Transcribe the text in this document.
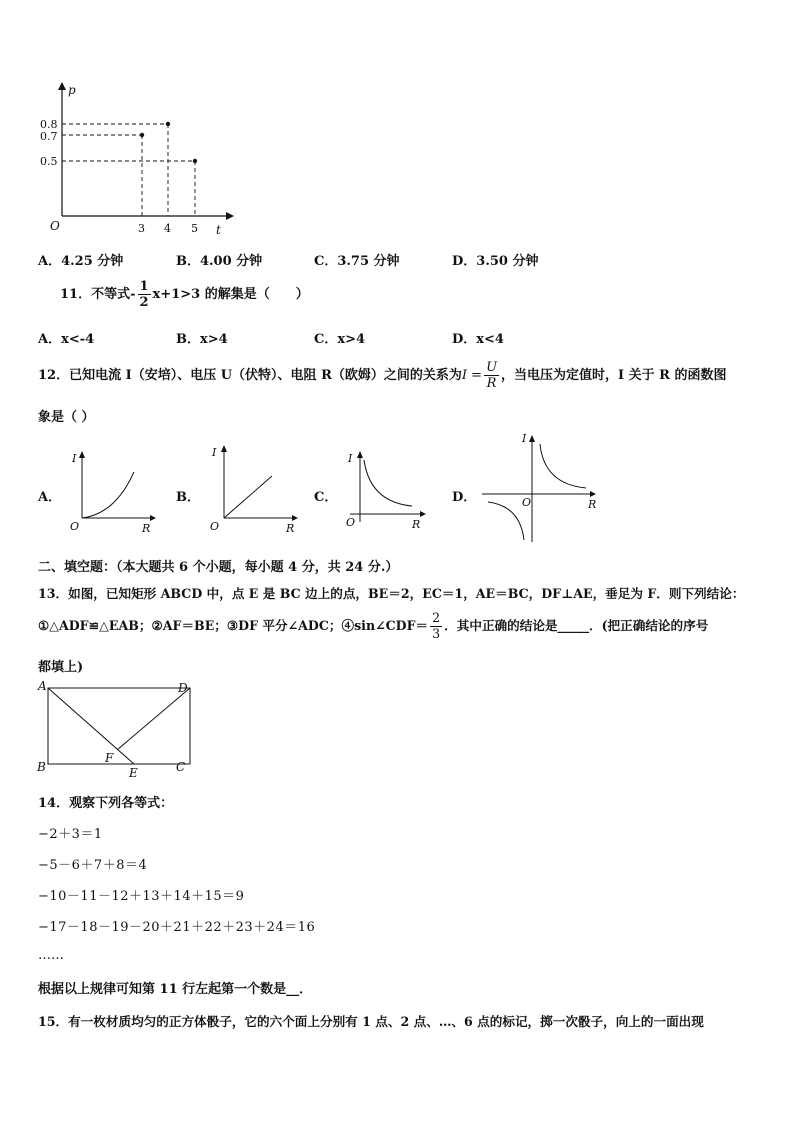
p
t
O
0.8
0.7
0.5
3 4 5
A．4.25 分钟	B．4.00 分钟	C．3.75 分钟	D．3.50 分钟
11．不等式- $\frac{1}{2} x+1>3$ 的解集是（　　）
A．x<-4	B．x>4	C．x>4	D．x<4
12．已知电流 I（安培）、电压 U（伏特）、电阻 R（欧姆）之间的关系为$I = \frac{U}{R}$ ，当电压为定值时，I 关于 R 的函数图
象是（ ）
A．
I
R
O
B．
I
R
O
C．
I
R
O
D．
I
R
O
二、填空题：（本大题共 6 个小题，每小题 4 分，共 24 分.）
13．如图，已知矩形 ABCD 中，点 E 是 BC 边上的点，BE＝2，EC＝1，AE＝BC，DF⊥AE，垂足为 F．则下列结论：
①△ADF≌△EAB；②AF＝BE；③DF 平分∠ADC；④sin∠CDF＝ $\frac{2}{3}$ ．其中正确的结论是_____．(把正确结论的序号
都填上)
A	D
B	C
F
E
14．观察下列各等式：
−2＋3＝1
−5－6＋7＋8＝4
−10－11－12＋13＋14＋15＝9
−17－18－19－20＋21＋22＋23＋24＝16
……
根据以上规律可知第 11 行左起第一个数是__．
15．有一枚材质均匀的正方体骰子，它的六个面上分别有 1 点、2 点、…、6 点的标记，掷一次骰子，向上的一面出现
